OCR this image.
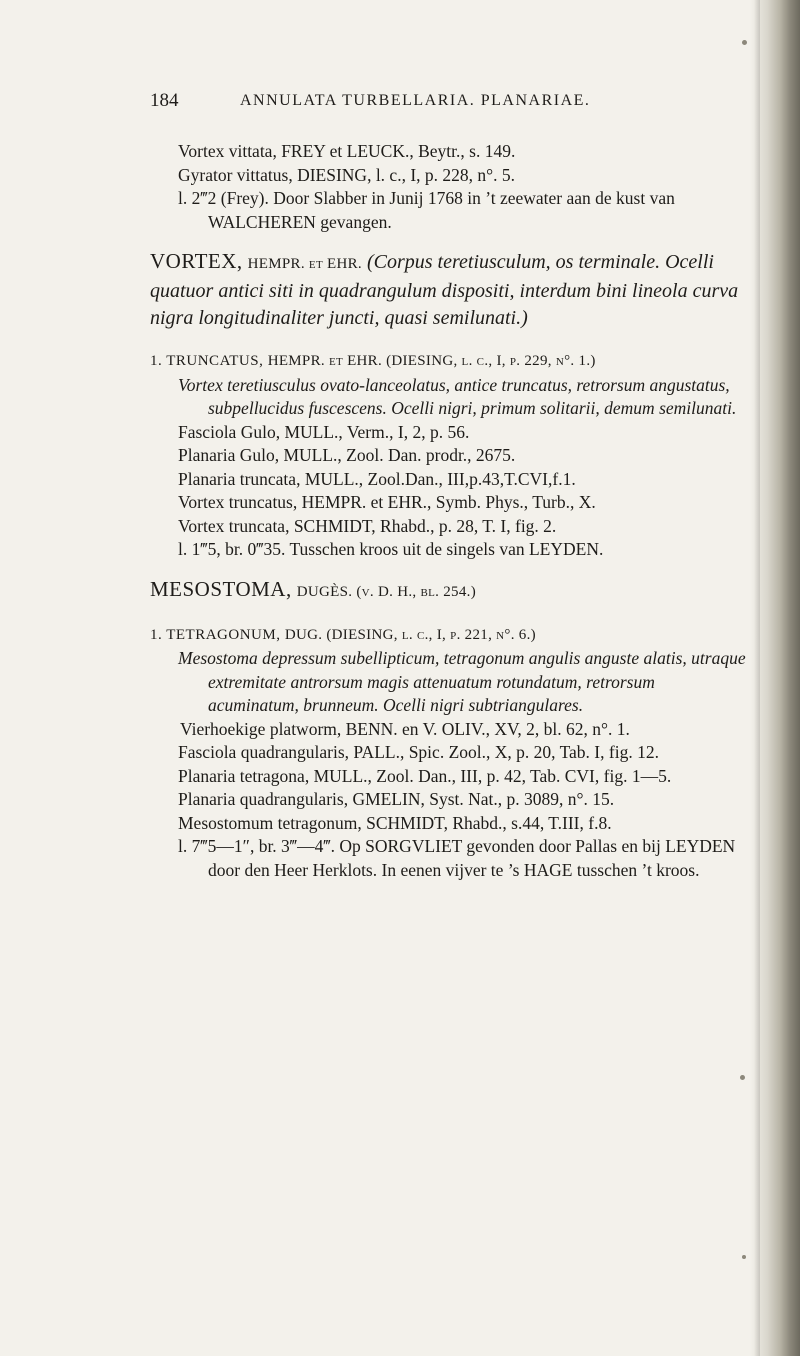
184	ANNULATA TURBELLARIA. PLANARIAE.

Vortex vittata, FREY et LEUCK., Beytr., s. 149.

Gyrator vittatus, DIESING, l. c., I, p. 228, n°. 5.

l. 2‴2 (Frey). Door Slabber in Junij 1768 in ’t zeewater aan de kust van WALCHEREN gevangen.

VORTEX, HEMPR. et EHR. (Corpus teretiusculum, os terminale. Ocelli quatuor antici siti in quadrangulum dispositi, interdum bini lineola curva nigra longitudinaliter juncti, quasi semilunati.)

1. TRUNCATUS, HEMPR. et EHR. (DIESING, l. c., I, p. 229, n°. 1.)

Vortex teretiusculus ovato-lanceolatus, antice truncatus, retrorsum angustatus, subpellucidus fuscescens. Ocelli nigri, primum solitarii, demum semilunati.

Fasciola Gulo, MULL., Verm., I, 2, p. 56.

Planaria Gulo, MULL., Zool. Dan. prodr., 2675.

Planaria truncata, MULL., Zool.Dan., III,p.43,T.CVI,f.1.

Vortex truncatus, HEMPR. et EHR., Symb. Phys., Turb., X.

Vortex truncata, SCHMIDT, Rhabd., p. 28, T. I, fig. 2.

l. 1‴5, br. 0‴35. Tusschen kroos uit de singels van LEYDEN.

MESOSTOMA, DUGÈS. (v. D. H., bl. 254.)

1. TETRAGONUM, DUG. (DIESING, l. c., I, p. 221, n°. 6.)

Mesostoma depressum subellipticum, tetragonum angulis anguste alatis, utraque extremitate antrorsum magis attenuatum rotundatum, retrorsum acuminatum, brunneum. Ocelli nigri subtriangulares.

Vierhoekige platworm, BENN. en V. OLIV., XV, 2, bl. 62, n°. 1.

Fasciola quadrangularis, PALL., Spic. Zool., X, p. 20, Tab. I, fig. 12.

Planaria tetragona, MULL., Zool. Dan., III, p. 42, Tab. CVI, fig. 1—5.

Planaria quadrangularis, GMELIN, Syst. Nat., p. 3089, n°. 15.

Mesostomum tetragonum, SCHMIDT, Rhabd., s.44, T.III, f.8.

l. 7‴5—1″, br. 3‴—4‴. Op SORGVLIET gevonden door Pallas en bij LEYDEN door den Heer Herklots. In eenen vijver te ’s HAGE tusschen ’t kroos.
